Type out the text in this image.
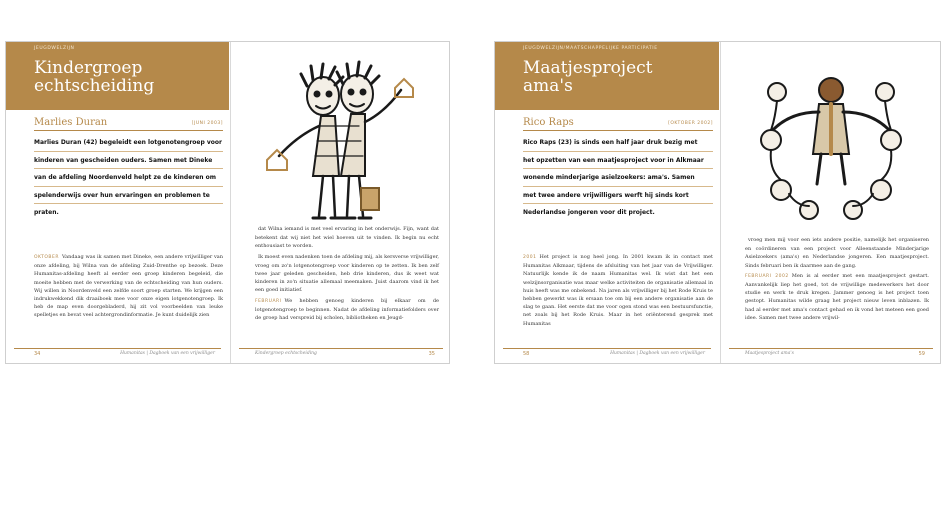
JEUGDWELZIJN
Kindergroep
echtscheiding
Marlies Duran	[JUNI 2003]
Marlies Duran (42) begeleidt een lotgenotengroep voor
kinderen van gescheiden ouders. Samen met Dineke
van de afdeling Noordenveld helpt ze de kinderen om
spelenderwijs over hun ervaringen en problemen te
praten.
OKTOBER Vandaag was ik samen met Dineke, een andere vrijwilliger van onze afdeling, bij Wilna van de afdeling Zuid-Drenthe op bezoek. Deze Humanitas-afdeling heeft al eerder een groep kinderen begeleid, die moeite hebben met de verwerking van de echtscheiding van hun ouders. Wij willen in Noordenveld een zelfde soort groep starten. We krijgen een indrukwekkend dik draaiboek mee voor onze eigen lotgenotengroep. Ik heb de map even doorgebladerd, hij zit vol voorbeelden van leuke spelletjes en bevat veel achtergrondinformatie. Je kunt duidelijk zien
34	Humanitas | Dagboek van een vrijwilliger
dat Wilna iemand is met veel ervaring in het onderwijs. Fijn, want dat betekent dat wij niet het wiel hoeven uit te vinden. Ik begin nu echt enthousiast te worden.
Ik moest even nadenken toen de afdeling mij, als kersverse vrijwilliger, vroeg om zo'n lotgenotengroep voor kinderen op te zetten. Ik ben zelf twee jaar geleden gescheiden, heb drie kinderen, dus ik weet wat kinderen in zo'n situatie allemaal meemaken. Juist daarom vind ik het een goed initiatief.
FEBRUARI We hebben genoeg kinderen bij elkaar om de lotgenotengroep te beginnen. Nadat de afdeling informatiefolders over de groep had verspreid bij scholen, bibliotheken en Jeugd-
Kindergroep echtscheiding	35
JEUGDWELZIJN/MAATSCHAPPELIJKE PARTICIPATIE
Maatjesproject
ama's
Rico Raps	[OKTOBER 2002]
Rico Raps (23) is sinds een half jaar druk bezig met
het opzetten van een maatjesproject voor in Alkmaar
wonende minderjarige asielzoekers: ama's. Samen
met twee andere vrijwilligers werft hij sinds kort
Nederlandse jongeren voor dit project.
2001 Het project is nog heel jong. In 2001 kwam ik in contact met Humanitas Alkmaar, tijdens de afsluiting van het jaar van de Vrijwilliger. Natuurlijk kende ik de naam Humanitas wel. Ik wist dat het een welzijnsorganisatie was maar welke activiteiten de organisatie allemaal in huis heeft was me onbekend. Na jaren als vrijwilliger bij het Rode Kruis te hebben gewerkt was ik ersaan toe om bij een andere organisatie aan de slag te gaan. Het eerste dat me voor ogen stond was een bestuursfunctie, net zoals bij het Rode Kruis. Maar in het oriënterend gesprek met Humanitas
58	Humanitas | Dagboek van een vrijwilliger
vroeg men mij voor een iets andere positie, namelijk het organiseren en coördineren van een project voor Alleenstaande Minderjarige Asielzoekers (ama's) en Nederlandse jongeren. Een maatjesproject. Sinds februari ben ik daarmee aan de gang.
FEBRUARI 2002 Men is al eerder met een maatjesproject gestart. Aanvankelijk liep het goed, tot de vrijwillige medewerkers het door studie en werk te druk kregen. Jammer genoeg is het project toen gestopt. Humanitas wilde graag het project nieuw leven inblazen. Ik had al eerder met ama's contact gehad en ik vond het meteen een goed idee. Samen met twee andere vrijwil-
Maatjesproject ama's	59
